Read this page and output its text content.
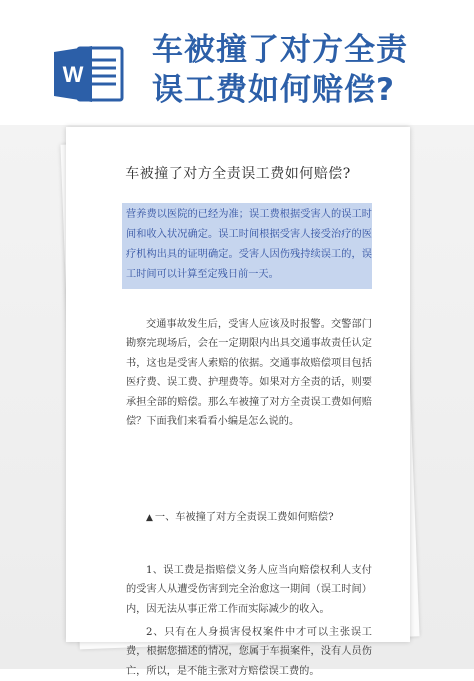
W
车被撞了对方全责
误工费如何赔偿?
车被撞了对方全责误工费如何赔偿?
营养费以医院的已经为准；误工费根据受害人的误工时间和收入状况确定。误工时间根据受害人接受治疗的医疗机构出具的证明确定。受害人因伤残持续误工的，误工时间可以计算至定残日前一天。
交通事故发生后，受害人应该及时报警。交警部门勘察完现场后，会在一定期限内出具交通事故责任认定书，这也是受害人索赔的依据。交通事故赔偿项目包括医疗费、误工费、护理费等。如果对方全责的话，则要承担全部的赔偿。那么车被撞了对方全责误工费如何赔偿？下面我们来看看小编是怎么说的。
▲ 一、车被撞了对方全责误工费如何赔偿?
1、误工费是指赔偿义务人应当向赔偿权利人支付的受害人从遭受伤害到完全治愈这一期间（误工时间）内，因无法从事正常工作而实际减少的收入。
2、只有在人身损害侵权案件中才可以主张误工费，根据您描述的情况，您属于车损案件，没有人员伤亡，所以，是不能主张对方赔偿误工费的。
